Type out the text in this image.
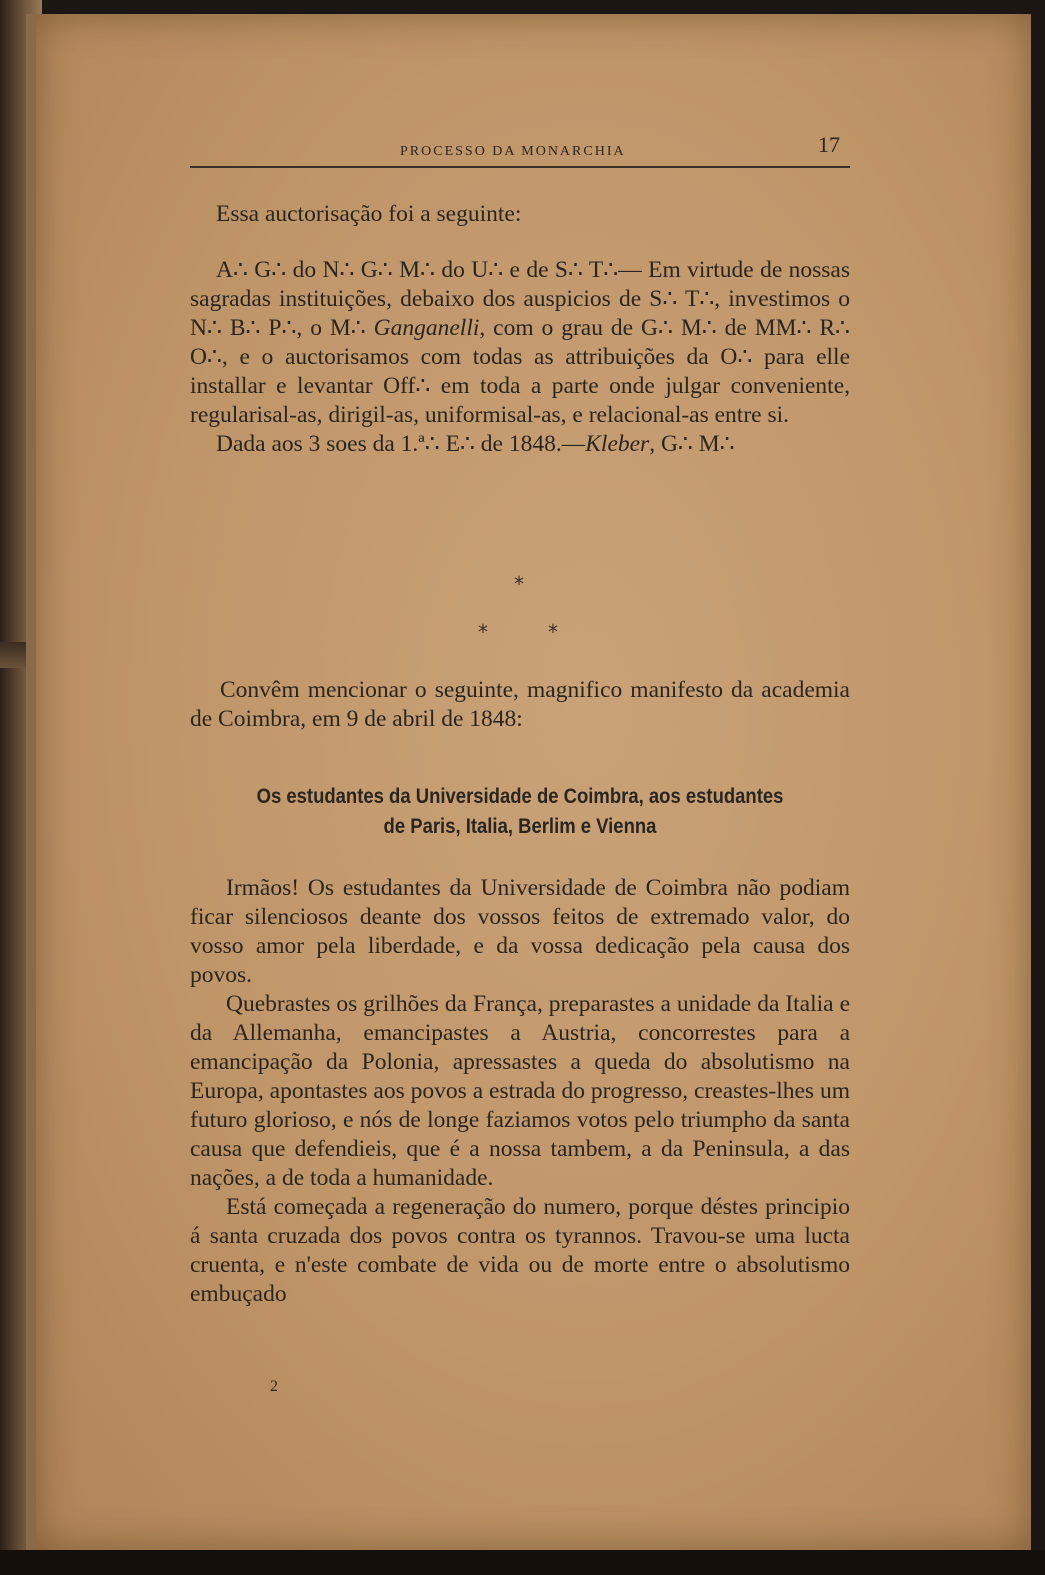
PROCESSO DA MONARCHIA	17
Essa auctorisação foi a seguinte:

A∴ G∴ do N∴ G∴ M∴ do U∴ e de S∴ T∴— Em virtude de nossas sagradas instituições, debaixo dos auspicios de S∴ T∴, investimos o N∴ B∴ P∴, o M∴ Ganganelli, com o grau de G∴ M∴ de MM∴ R∴ O∴, e o auctorisamos com todas as attribuições da O∴ para elle installar e levantar Off∴ em toda a parte onde julgar conveniente, regularisal-as, dirigil-as, uniformisal-as, e relacional-as entre si.

Dada aos 3 soes da 1.ª∴ E∴ de 1848.—Kleber, G∴ M∴

*
*	*

Convêm mencionar o seguinte, magnifico manifesto da academia de Coimbra, em 9 de abril de 1848:

Os estudantes da Universidade de Coimbra, aos estudantes
de Paris, Italia, Berlim e Vienna

Irmãos! Os estudantes da Universidade de Coimbra não podiam ficar silenciosos deante dos vossos feitos de extremado valor, do vosso amor pela liberdade, e da vossa dedicação pela causa dos povos.

Quebrastes os grilhões da França, preparastes a unidade da Italia e da Allemanha, emancipastes a Austria, concorrestes para a emancipação da Polonia, apressastes a queda do absolutismo na Europa, apontastes aos povos a estrada do progresso, creastes-lhes um futuro glorioso, e nós de longe faziamos votos pelo triumpho da santa causa que defendieis, que é a nossa tambem, a da Peninsula, a das nações, a de toda a humanidade.

Está começada a regeneração do numero, porque déstes principio á santa cruzada dos povos contra os tyrannos. Travou-se uma lucta cruenta, e n'este combate de vida ou de morte entre o absolutismo embuçado

2
